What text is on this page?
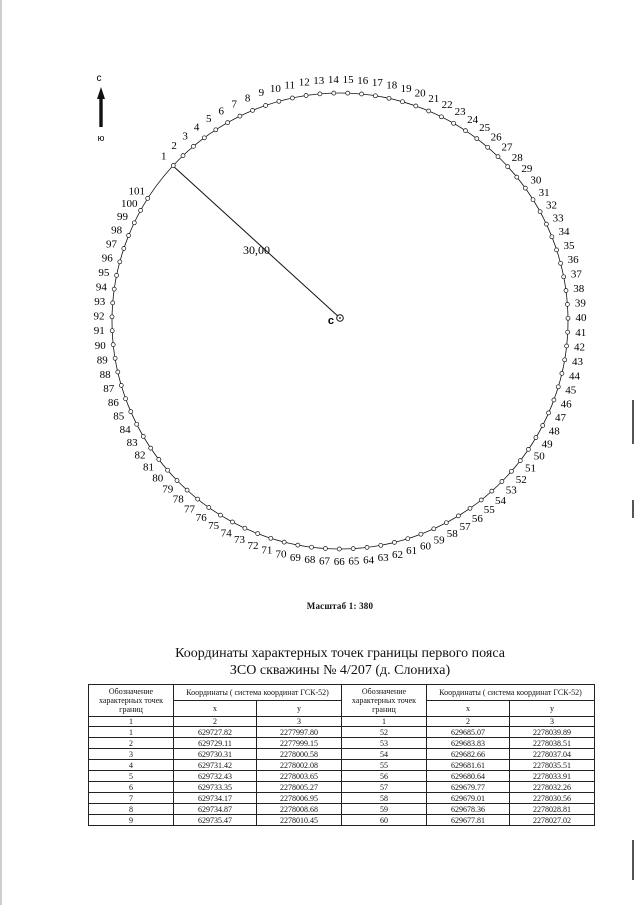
с
ю
30,00
с
1
2
3
4
5
6
7 8 9 10 11 12 13 14 15 16 17 18 19 20 21
22
23
24
25
26
27
28
29
30
31
32
33
34
35
36
37
38
39
40
41
42
43
44
45
46
47
48
49
50
51
52
53
54
55
56
57
58
59
60
61
62
63
64
65
66
67
68
69
70
71
72
73
74
75
76
77
78
79
80
81
82
83
84
85
86
87
88
89
90
91
92
93
94
95
96
97
98
99
100
101
Масштаб 1: 380
Координаты характерных точек границы первого пояса
ЗСО скважины № 4/207 (д. Слониха)
Обозначение характерных точек границ	Координаты ( система координат ГСК-52)		Обозначение характерных точек границ	Координаты ( система координат ГСК-52)	
	x	y		x	y
1	2	3	1	2	3
1	629727.82	2277997.80	52	629685.07	2278039.89
2	629729.11	2277999.15	53	629683.83	2278038.51
3	629730.31	2278000.58	54	629682.66	2278037.04
4	629731.42	2278002.08	55	629681.61	2278035.51
5	629732.43	2278003.65	56	629680.64	2278033.91
6	629733.35	2278005.27	57	629679.77	2278032.26
7	629734.17	2278006.95	58	629679.01	2278030.56
8	629734.87	2278008.68	59	629678.36	2278028.81
9	629735.47	2278010.45	60	629677.81	2278027.02
